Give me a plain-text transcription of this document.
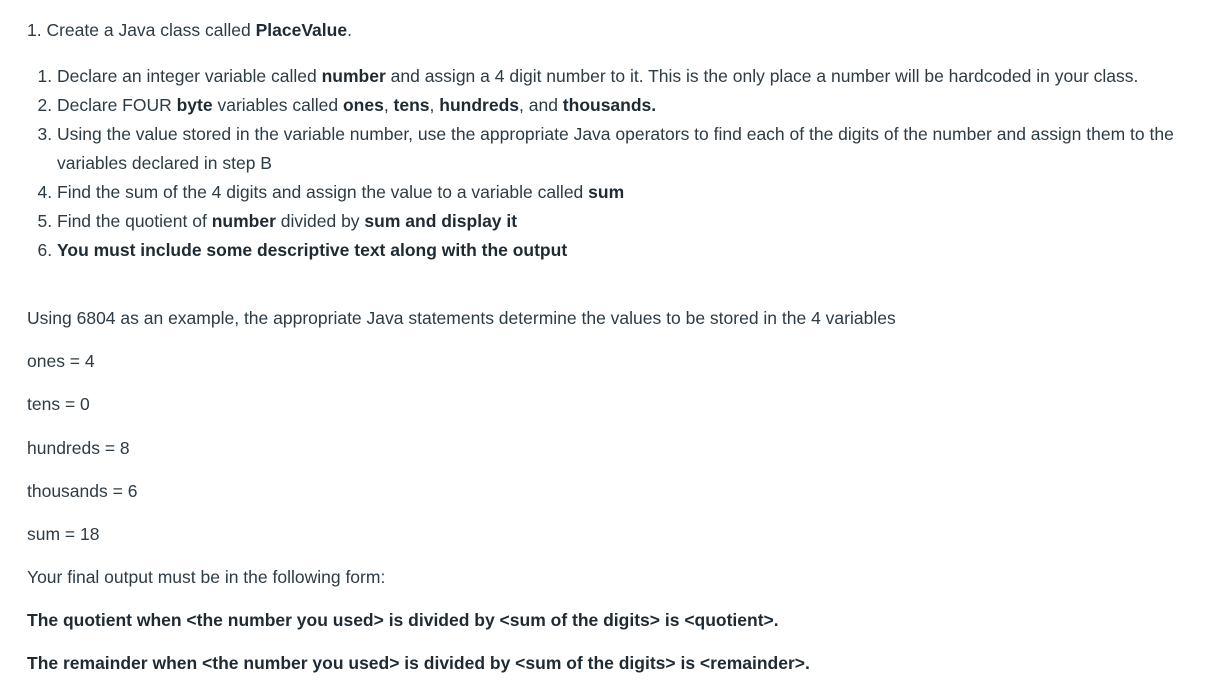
1. Create a Java class called PlaceValue.
1. Declare an integer variable called number and assign a 4 digit number to it. This is the only place a number will be hardcoded in your class.
2. Declare FOUR byte variables called ones, tens, hundreds, and thousands.
3. Using the value stored in the variable number, use the appropriate Java operators to find each of the digits of the number and assign them to the variables declared in step B
4. Find the sum of the 4 digits and assign the value to a variable called sum
5. Find the quotient of number divided by sum and display it
6. You must include some descriptive text along with the output
Using 6804 as an example, the appropriate Java statements determine the values to be stored in the 4 variables
ones = 4
tens = 0
hundreds = 8
thousands = 6
sum = 18
Your final output must be in the following form:
The quotient when <the number you used> is divided by <sum of the digits> is <quotient>.
The remainder when <the number you used> is divided by <sum of the digits> is <remainder>.
